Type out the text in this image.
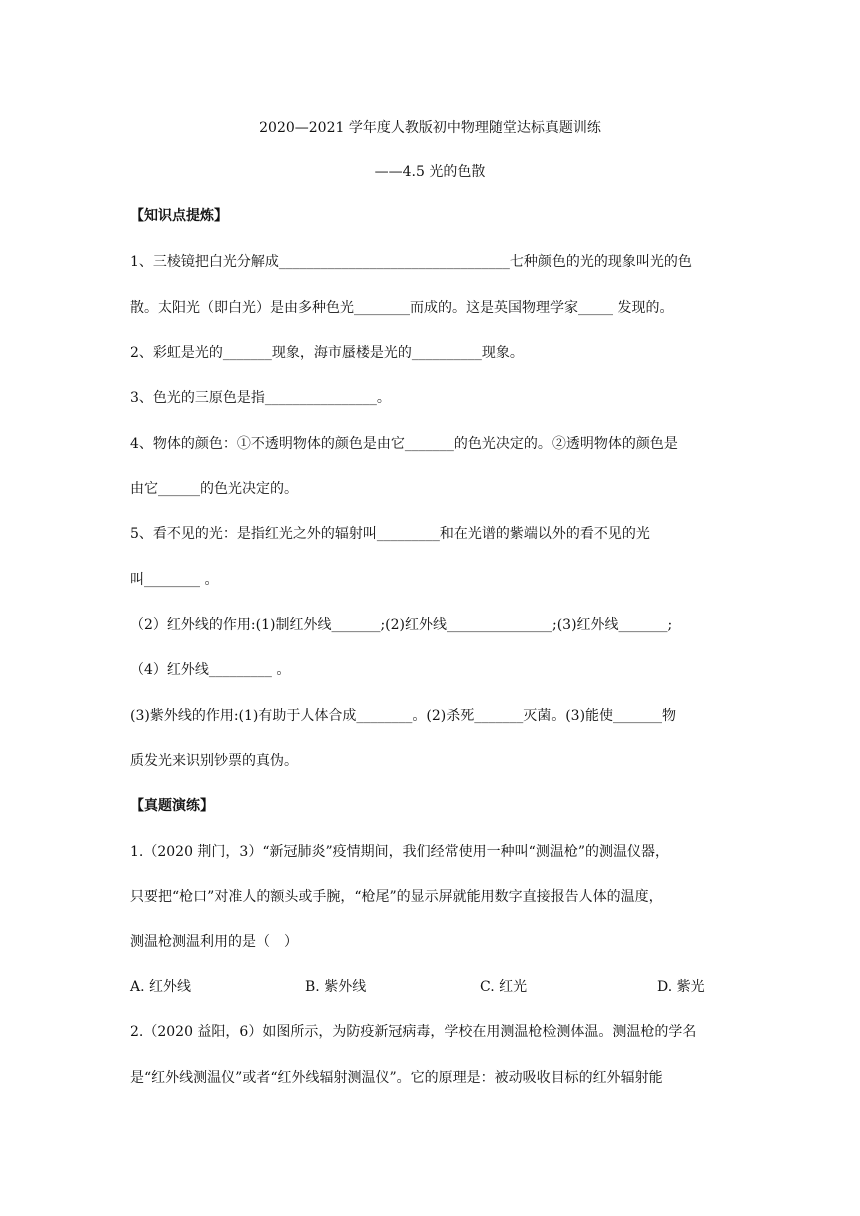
2020—2021 学年度人教版初中物理随堂达标真题训练
——4.5 光的色散
【知识点提炼】
1、三棱镜把白光分解成_________________________________七种颜色的光的现象叫光的色
散。太阳光（即白光）是由多种色光________而成的。这是英国物理学家_____ 发现的。
2、彩虹是光的_______现象，海市蜃楼是光的__________现象。
3、色光的三原色是指________________。
4、物体的颜色：①不透明物体的颜色是由它_______的色光决定的。②透明物体的颜色是
由它______的色光决定的。
5、看不见的光：是指红光之外的辐射叫_________和在光谱的紫端以外的看不见的光
叫________ 。
（2）红外线的作用:(1)制红外线_______;(2)红外线_______________;(3)红外线_______;
（4）红外线_________ 。
(3)紫外线的作用:(1)有助于人体合成________。(2)杀死_______灭菌。(3)能使_______物
质发光来识别钞票的真伪。
【真题演练】
1.（2020 荆门，3）“新冠肺炎”疫情期间，我们经常使用一种叫“测温枪”的测温仪器，
只要把“枪口”对准人的额头或手腕，“枪尾”的显示屏就能用数字直接报告人体的温度，
测温枪测温利用的是（　）
A. 红外线	B. 紫外线	C. 红光	D. 紫光
2.（2020 益阳，6）如图所示，为防疫新冠病毒，学校在用测温枪检测体温。测温枪的学名
是“红外线测温仪”或者“红外线辐射测温仪”。它的原理是：被动吸收目标的红外辐射能
